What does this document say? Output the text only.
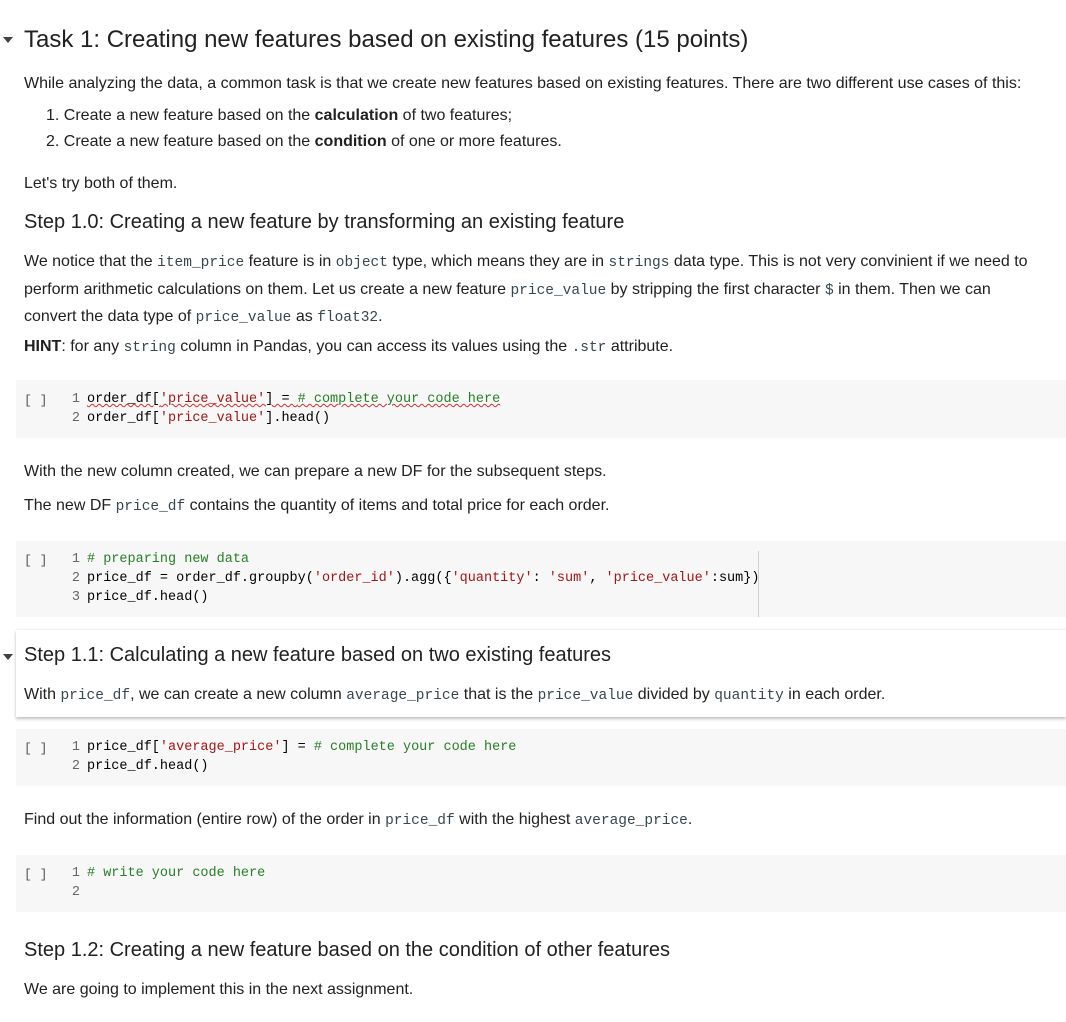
Task 1: Creating new features based on existing features (15 points)
While analyzing the data, a common task is that we create new features based on existing features. There are two different use cases of this:
1. Create a new feature based on the calculation of two features;
2. Create a new feature based on the condition of one or more features.
Let's try both of them.
Step 1.0: Creating a new feature by transforming an existing feature
We notice that the item_price feature is in object type, which means they are in strings data type. This is not very convinient if we need to
perform arithmetic calculations on them. Let us create a new feature price_value by stripping the first character $ in them. Then we can
convert the data type of price_value as float32.
HINT: for any string column in Pandas, you can access its values using the .str attribute.
[ ]	1 order_df['price_value'] = # complete your code here
2 order_df['price_value'].head()
With the new column created, we can prepare a new DF for the subsequent steps.
The new DF price_df contains the quantity of items and total price for each order.
[ ]	1 # preparing new data
2 price_df = order_df.groupby('order_id').agg({'quantity': 'sum', 'price_value':sum})
3 price_df.head()
Step 1.1: Calculating a new feature based on two existing features
With price_df, we can create a new column average_price that is the price_value divided by quantity in each order.
[ ]	1 price_df['average_price'] = # complete your code here
2 price_df.head()
Find out the information (entire row) of the order in price_df with the highest average_price.
[ ]	1 # write your code here
2
Step 1.2: Creating a new feature based on the condition of other features
We are going to implement this in the next assignment.
